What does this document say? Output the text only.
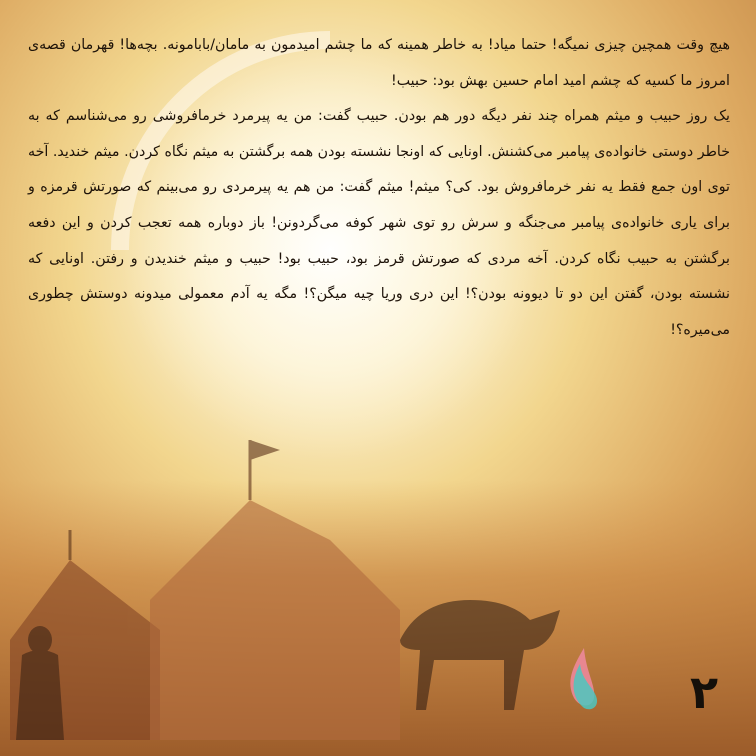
هیچ وقت همچین چیزی نمیگه! حتما میاد! به خاطر همینه که ما چشم امیدمون به مامان/بابامونه. بچه‌ها! قهرمان قصه‌ی امروز ما کسیه که چشم امید امام حسین بهش بود: حبیب!

یک روز حبیب و میثم همراه چند نفر دیگه دور هم بودن. حبیب گفت: من یه پیرمرد خرمافروشی رو می‌شناسم که به خاطر دوستی خانواده‌ی پیامبر می‌کشنش. اونایی که اونجا نشسته بودن همه برگشتن به میثم نگاه کردن. میثم خندید. آخه توی اون جمع فقط یه نفر خرمافروش بود. کی؟ میثم! میثم گفت: من هم یه پیرمردی رو می‌بینم که صورتش قرمزه و برای یاری خانواده‌ی پیامبر می‌جنگه و سرش رو توی شهر کوفه می‌گردونن! باز دوباره همه تعجب کردن و این دفعه برگشتن به حبیب نگاه کردن. آخه مردی که صورتش قرمز بود، حبیب بود! حبیب و میثم خندیدن و رفتن. اونایی که نشسته بودن، گفتن این دو تا دیوونه بودن؟! این دری وریا چیه میگن؟! مگه یه آدم معمولی میدونه دوستش چطوری می‌میره؟!

۲
